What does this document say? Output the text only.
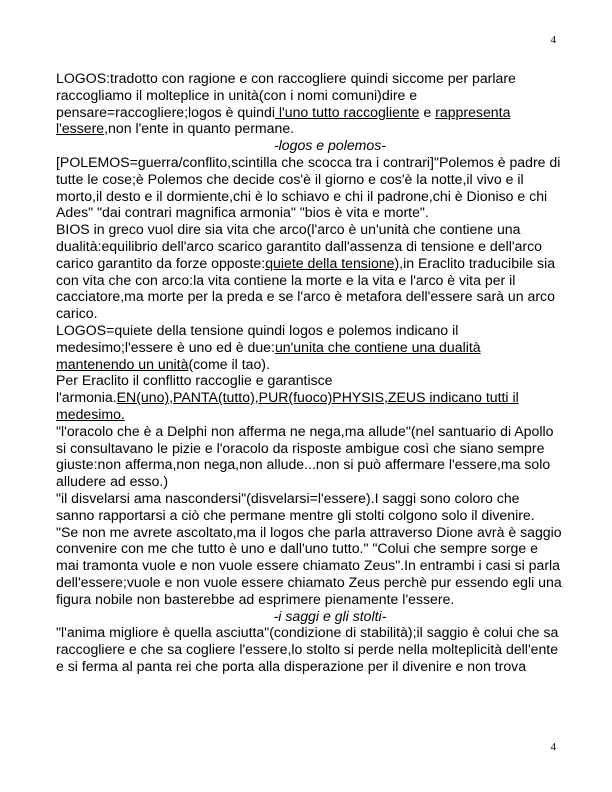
4
LOGOS:tradotto con ragione e con raccogliere quindi siccome per parlare
raccogliamo il molteplice in unità(con i nomi comuni)dire e
pensare=raccogliere;logos è quindi l'uno tutto raccogliente e rappresenta
l'essere,non l'ente in quanto permane.
-logos e polemos-
[POLEMOS=guerra/conflito,scintilla che scocca tra i contrari]"Polemos è padre di
tutte le cose;è Polemos che decide cos'è il giorno e cos'è la notte,il vivo e il
morto,il desto e il dormiente,chi è lo schiavo e chi il padrone,chi è Dioniso e chi
Ades" "dai contrari magnifica armonia" "bios è vita e morte".
BIOS in greco vuol dire sia vita che arco(l'arco è un'unità che contiene una
dualità:equilibrio dell'arco scarico garantito dall'assenza di tensione e dell'arco
carico garantito da forze opposte:quiete della tensione),in Eraclito traducibile sia
con vita che con arco:la vita contiene la morte e la vita e l'arco è vita per il
cacciatore,ma morte per la preda e se l'arco è metafora dell'essere sarà un arco
carico.
LOGOS=quiete della tensione quindi logos e polemos indicano il
medesimo;l'essere è uno ed è due:un'unita che contiene una dualità
mantenendo un unità(come il tao).
Per Eraclito il conflitto raccoglie e garantisce
l'armonia.EN(uno),PANTA(tutto),PUR(fuoco)PHYSIS,ZEUS indicano tutti il
medesimo.
"l'oracolo che è a Delphi non afferma ne nega,ma allude"(nel santuario di Apollo
si consultavano le pizie e l'oracolo da risposte ambigue così che siano sempre
giuste:non afferma,non nega,non allude...non si può affermare l'essere,ma solo
alludere ad esso.)
"il disvelarsi ama nascondersi"(disvelarsi=l'essere).I saggi sono coloro che
sanno rapportarsi a ciò che permane mentre gli stolti colgono solo il divenire.
"Se non me avrete ascoltato,ma il logos che parla attraverso Dione avrà è saggio
convenire con me che tutto è uno e dall'uno tutto." "Colui che sempre sorge e
mai tramonta vuole e non vuole essere chiamato Zeus".In entrambi i casi si parla
dell'essere;vuole e non vuole essere chiamato Zeus perchè pur essendo egli una
figura nobile non basterebbe ad esprimere pienamente l'essere.
-i saggi e gli stolti-
"l'anima migliore è quella asciutta"(condizione di stabilità);il saggio è colui che sa
raccogliere e che sa cogliere l'essere,lo stolto si perde nella molteplicità dell'ente
e si ferma al panta rei che porta alla disperazione per il divenire e non trova
4
